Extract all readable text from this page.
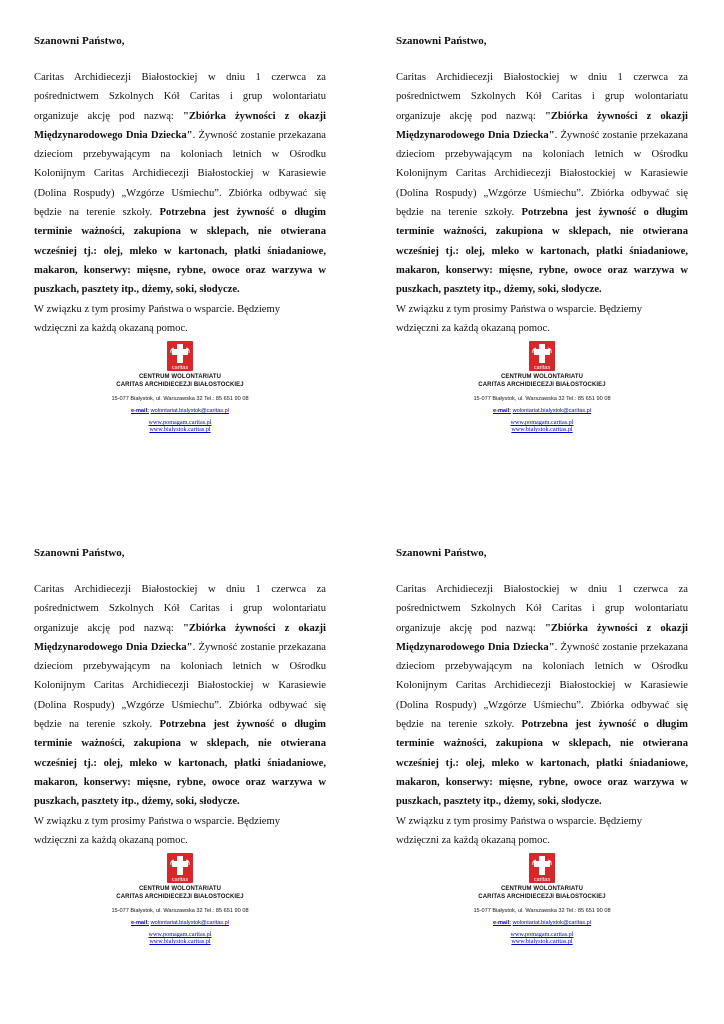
Szanowni Państwo,

Caritas Archidiecezji Białostockiej w dniu 1 czerwca za pośrednictwem Szkolnych Kół Caritas i grup wolontariatu organizuje akcję pod nazwą: "Zbiórka żywności z okazji Międzynarodowego Dnia Dziecka". Żywność zostanie przekazana dzieciom przebywającym na koloniach letnich w Ośrodku Kolonijnym Caritas Archidiecezji Białostockiej w Karasiewie (Dolina Rospudy) „Wzgórze Uśmiechu”. Zbiórka odbywać się będzie na terenie szkoły. Potrzebna jest żywność o długim terminie ważności, zakupiona w sklepach, nie otwierana wcześniej tj.: olej, mleko w kartonach, płatki śniadaniowe, makaron, konserwy: mięsne, rybne, owoce oraz warzywa w puszkach, pasztety itp., dżemy, soki, słodycze.

W związku z tym prosimy Państwa o wsparcie. Będziemy

wdzięczni za każdą okazaną pomoc.

caritas
CENTRUM WOLONTARIATU
CARITAS ARCHIDIECEZJI BIAŁOSTOCKIEJ
15-077 Białystok, ul. Warszawska 32 Tel.: 85 651 90 08
e-mail: wolontariat.bialystok@caritas.pl
www.pomagam.caritas.pl
www.bialystok.caritas.pl

Szanowni Państwo,

Caritas Archidiecezji Białostockiej w dniu 1 czerwca za pośrednictwem Szkolnych Kół Caritas i grup wolontariatu organizuje akcję pod nazwą: "Zbiórka żywności z okazji Międzynarodowego Dnia Dziecka". Żywność zostanie przekazana dzieciom przebywającym na koloniach letnich w Ośrodku Kolonijnym Caritas Archidiecezji Białostockiej w Karasiewie (Dolina Rospudy) „Wzgórze Uśmiechu”. Zbiórka odbywać się będzie na terenie szkoły. Potrzebna jest żywność o długim terminie ważności, zakupiona w sklepach, nie otwierana wcześniej tj.: olej, mleko w kartonach, płatki śniadaniowe, makaron, konserwy: mięsne, rybne, owoce oraz warzywa w puszkach, pasztety itp., dżemy, soki, słodycze.

W związku z tym prosimy Państwa o wsparcie. Będziemy

wdzięczni za każdą okazaną pomoc.

caritas
CENTRUM WOLONTARIATU
CARITAS ARCHIDIECEZJI BIAŁOSTOCKIEJ
15-077 Białystok, ul. Warszawska 32 Tel.: 85 651 90 08
e-mail: wolontariat.bialystok@caritas.pl
www.pomagam.caritas.pl
www.bialystok.caritas.pl

Szanowni Państwo,

Caritas Archidiecezji Białostockiej w dniu 1 czerwca za pośrednictwem Szkolnych Kół Caritas i grup wolontariatu organizuje akcję pod nazwą: "Zbiórka żywności z okazji Międzynarodowego Dnia Dziecka". Żywność zostanie przekazana dzieciom przebywającym na koloniach letnich w Ośrodku Kolonijnym Caritas Archidiecezji Białostockiej w Karasiewie (Dolina Rospudy) „Wzgórze Uśmiechu”. Zbiórka odbywać się będzie na terenie szkoły. Potrzebna jest żywność o długim terminie ważności, zakupiona w sklepach, nie otwierana wcześniej tj.: olej, mleko w kartonach, płatki śniadaniowe, makaron, konserwy: mięsne, rybne, owoce oraz warzywa w puszkach, pasztety itp., dżemy, soki, słodycze.

W związku z tym prosimy Państwa o wsparcie. Będziemy

wdzięczni za każdą okazaną pomoc.

caritas
CENTRUM WOLONTARIATU
CARITAS ARCHIDIECEZJI BIAŁOSTOCKIEJ
15-077 Białystok, ul. Warszawska 32 Tel.: 85 651 90 08
e-mail: wolontariat.bialystok@caritas.pl
www.pomagam.caritas.pl
www.bialystok.caritas.pl

Szanowni Państwo,

Caritas Archidiecezji Białostockiej w dniu 1 czerwca za pośrednictwem Szkolnych Kół Caritas i grup wolontariatu organizuje akcję pod nazwą: "Zbiórka żywności z okazji Międzynarodowego Dnia Dziecka". Żywność zostanie przekazana dzieciom przebywającym na koloniach letnich w Ośrodku Kolonijnym Caritas Archidiecezji Białostockiej w Karasiewie (Dolina Rospudy) „Wzgórze Uśmiechu”. Zbiórka odbywać się będzie na terenie szkoły. Potrzebna jest żywność o długim terminie ważności, zakupiona w sklepach, nie otwierana wcześniej tj.: olej, mleko w kartonach, płatki śniadaniowe, makaron, konserwy: mięsne, rybne, owoce oraz warzywa w puszkach, pasztety itp., dżemy, soki, słodycze.

W związku z tym prosimy Państwa o wsparcie. Będziemy

wdzięczni za każdą okazaną pomoc.

caritas
CENTRUM WOLONTARIATU
CARITAS ARCHIDIECEZJI BIAŁOSTOCKIEJ
15-077 Białystok, ul. Warszawska 32 Tel.: 85 651 90 08
e-mail: wolontariat.bialystok@caritas.pl
www.pomagam.caritas.pl
www.bialystok.caritas.pl
